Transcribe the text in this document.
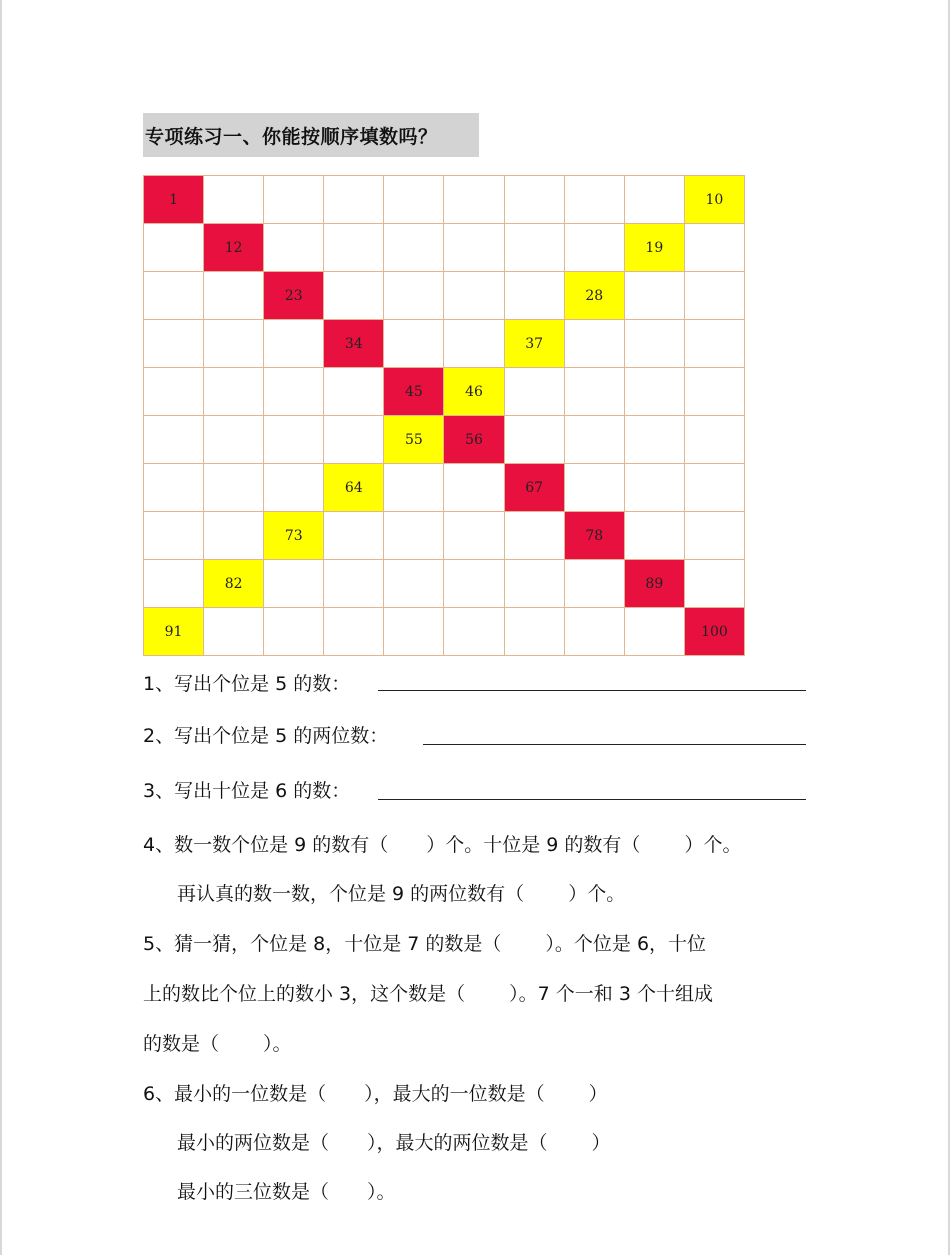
专项练习一、你能按顺序填数吗？
1	10
12	19
23	28
34	37
45	46
55	56
64	67
73	78
82	89
91	100
1、写出个位是 5 的数：
2、写出个位是 5 的两位数：
3、写出十位是 6 的数：
4、数一数个位是 9 的数有（　　）个。十位是 9 的数有（　　 ）个。
再认真的数一数，个位是 9 的两位数有（　　 ）个。
5、猜一猜，个位是 8，十位是 7 的数是（　　 ）。个位是 6，十位
上的数比个位上的数小 3，这个数是（　　 ）。7 个一和 3 个十组成
的数是（　　 ）。
6、最小的一位数是（　　），最大的一位数是（　　 ）
最小的两位数是（　　），最大的两位数是（　　 ）
最小的三位数是（　　）。
